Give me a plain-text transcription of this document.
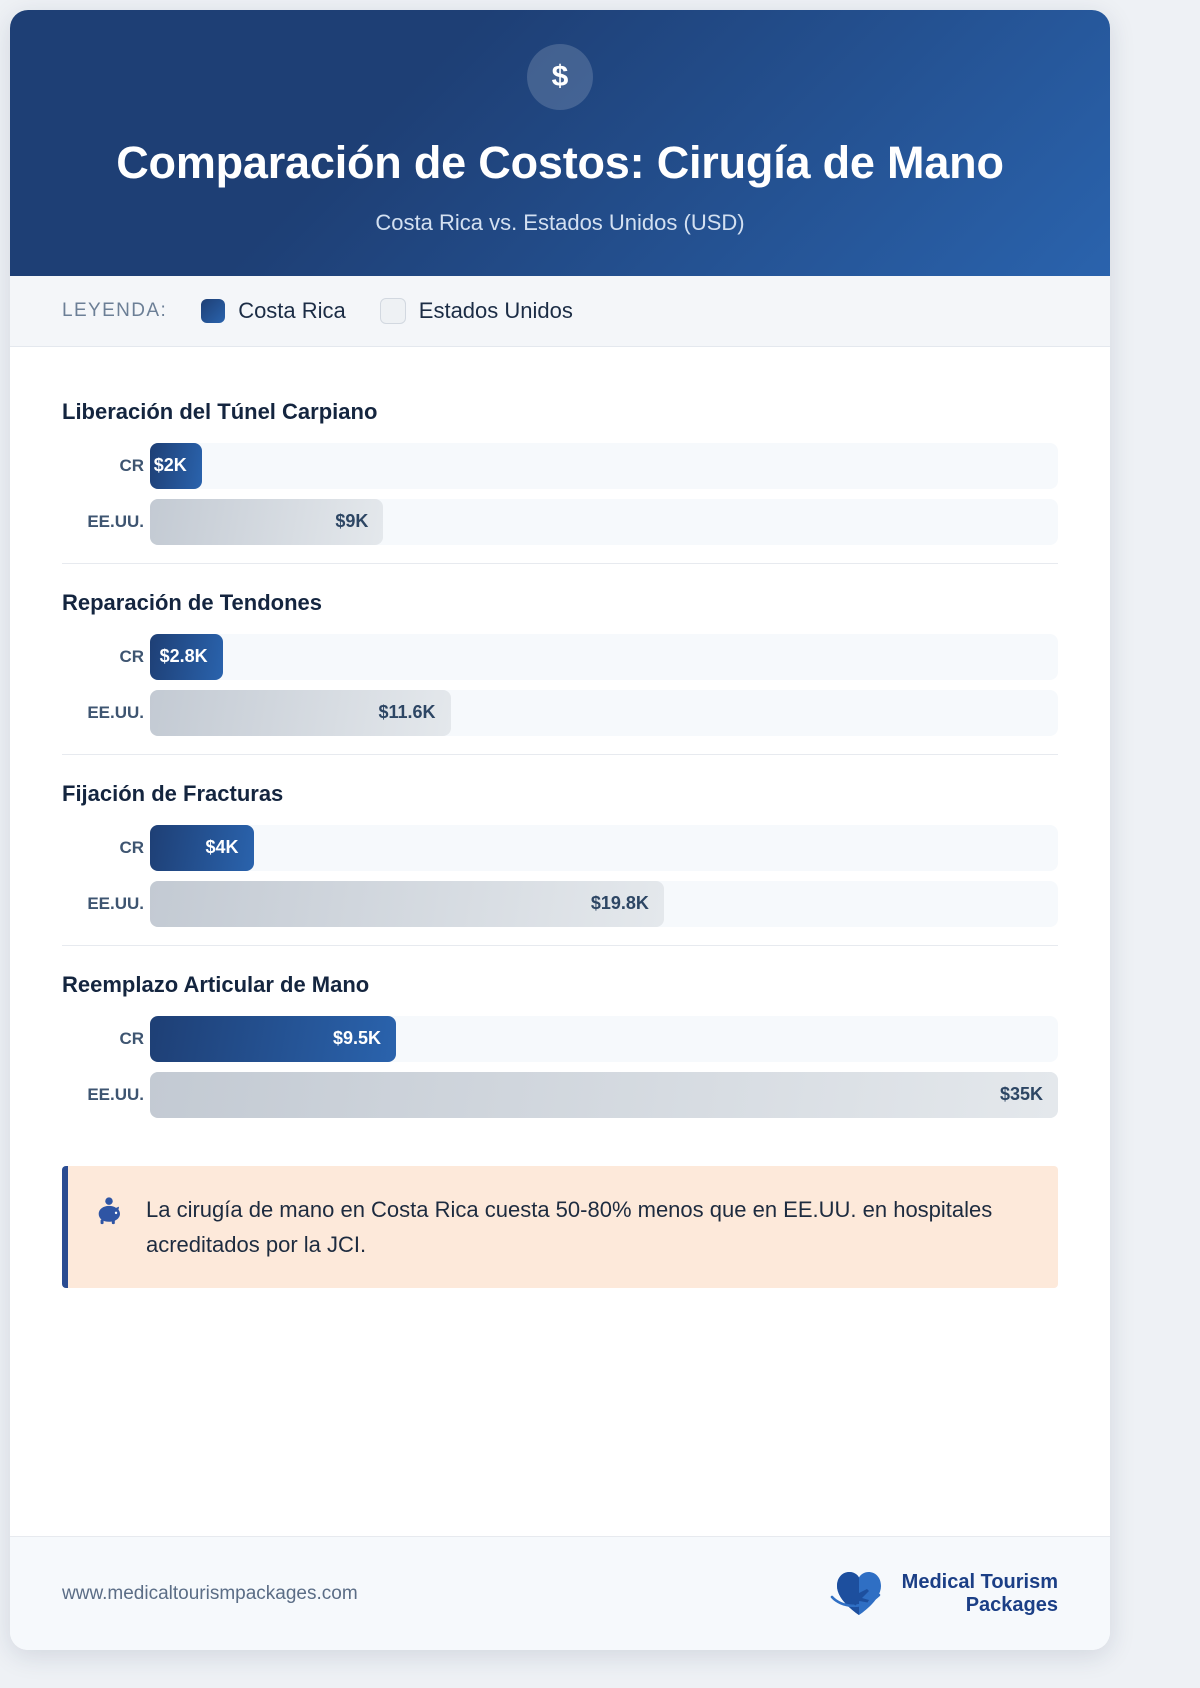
$
Comparación de Costos: Cirugía de Mano

Costa Rica vs. Estados Unidos (USD)

LEYENDA:	Costa Rica	Estados Unidos
Liberación del Túnel Carpiano
CR $2K
EE.UU.	$9K
Reparación de Tendones
CR $2.8K
EE.UU.	$11.6K
Fijación de Fracturas
CR	$4K
EE.UU.	$19.8K
Reemplazo Articular de Mano
CR	$9.5K
EE.UU.	$35K
La cirugía de mano en Costa Rica cuesta 50-80% menos que en EE.UU. en hospitales acreditados por la JCI.
www.medicaltourismpackages.com
Medical Tourism
Packages
